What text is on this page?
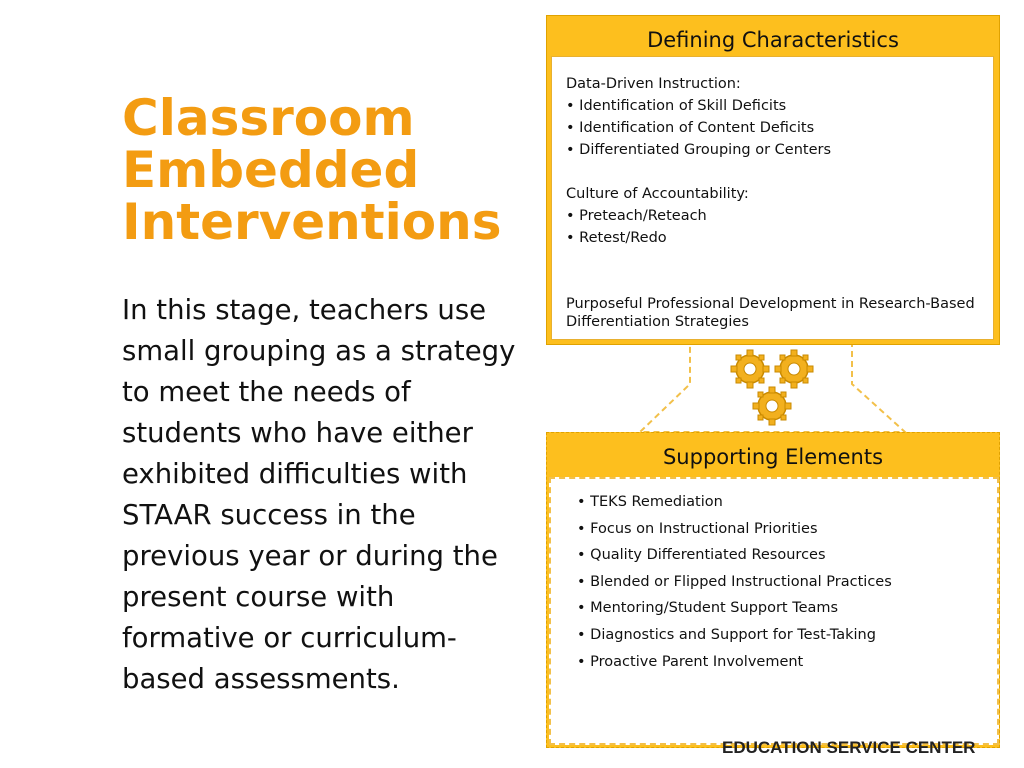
Classroom
Embedded
Interventions
In this stage, teachers use small grouping as a strategy to meet the needs of students who have either exhibited difficulties with STAAR success in the previous year or during the present course with formative or curriculum-based assessments.
Defining Characteristics
Data-Driven Instruction:
• Identification of Skill Deficits
• Identification of Content Deficits
• Differentiated Grouping or Centers
Culture of Accountability:
• Preteach/Reteach
• Retest/Redo
Purposeful Professional Development in Research-Based Differentiation Strategies
Supporting Elements
• TEKS Remediation
• Focus on Instructional Priorities
• Quality Differentiated Resources
• Blended or Flipped Instructional Practices
• Mentoring/Student Support Teams
• Diagnostics and Support for Test-Taking
• Proactive Parent Involvement
EDUCATION SERVICE CENTER
